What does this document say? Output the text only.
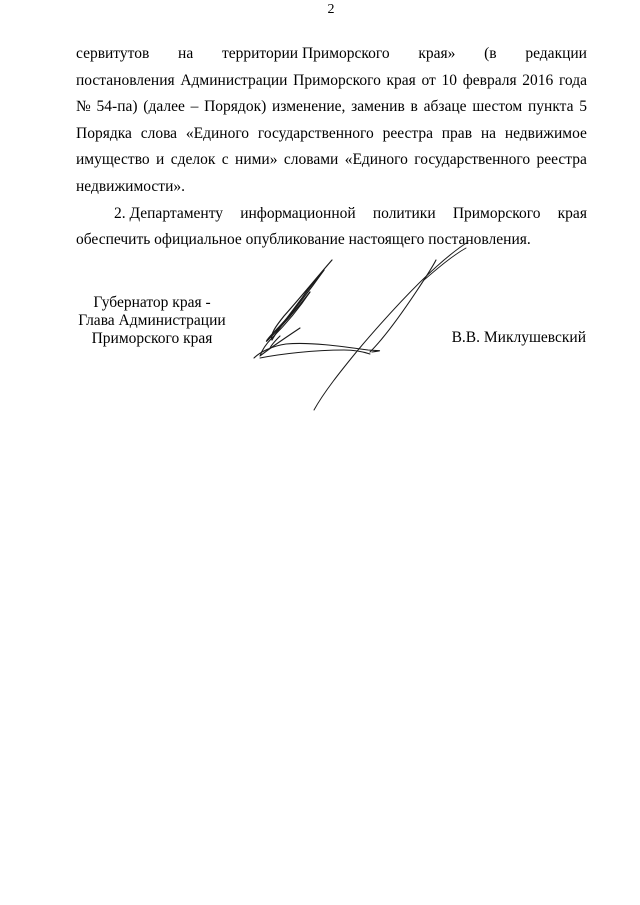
2
сервитутов на территории Приморского края» (в редакции
постановления Администрации Приморского края от 10 февраля 2016 года
№ 54-па) (далее – Порядок) изменение, заменив в абзаце шестом пункта 5
Порядка слова «Единого государственного реестра прав на недвижимое
имущество и сделок с ними» словами «Единого государственного реестра
недвижимости».
2. Департаменту информационной политики Приморского края
обеспечить официальное опубликование настоящего постановления.
Губернатор края -
Глава Администрации
Приморского края	В.В. Миклушевский
